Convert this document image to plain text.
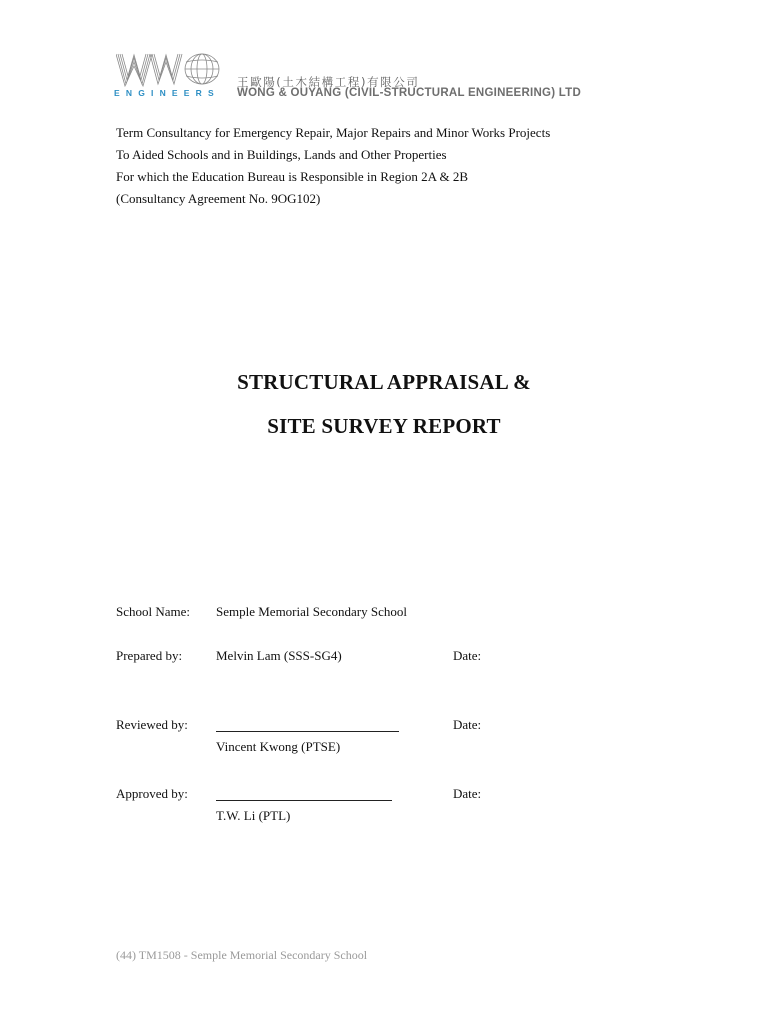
ENGINEERS
王歐陽(土木結構工程)有限公司
WONG & OUYANG (CIVIL-STRUCTURAL ENGINEERING) LTD
Term Consultancy for Emergency Repair, Major Repairs and Minor Works Projects
To Aided Schools and in Buildings, Lands and Other Properties
For which the Education Bureau is Responsible in Region 2A & 2B
(Consultancy Agreement No. 9OG102)
STRUCTURAL APPRAISAL &
SITE SURVEY REPORT
School Name: Semple Memorial Secondary School
Prepared by:	Melvin Lam (SSS-SG4)	Date:
Reviewed by:	Date:
Vincent Kwong (PTSE)
Approved by:	Date:
T.W. Li (PTL)
(44) TM1508 - Semple Memorial Secondary School
